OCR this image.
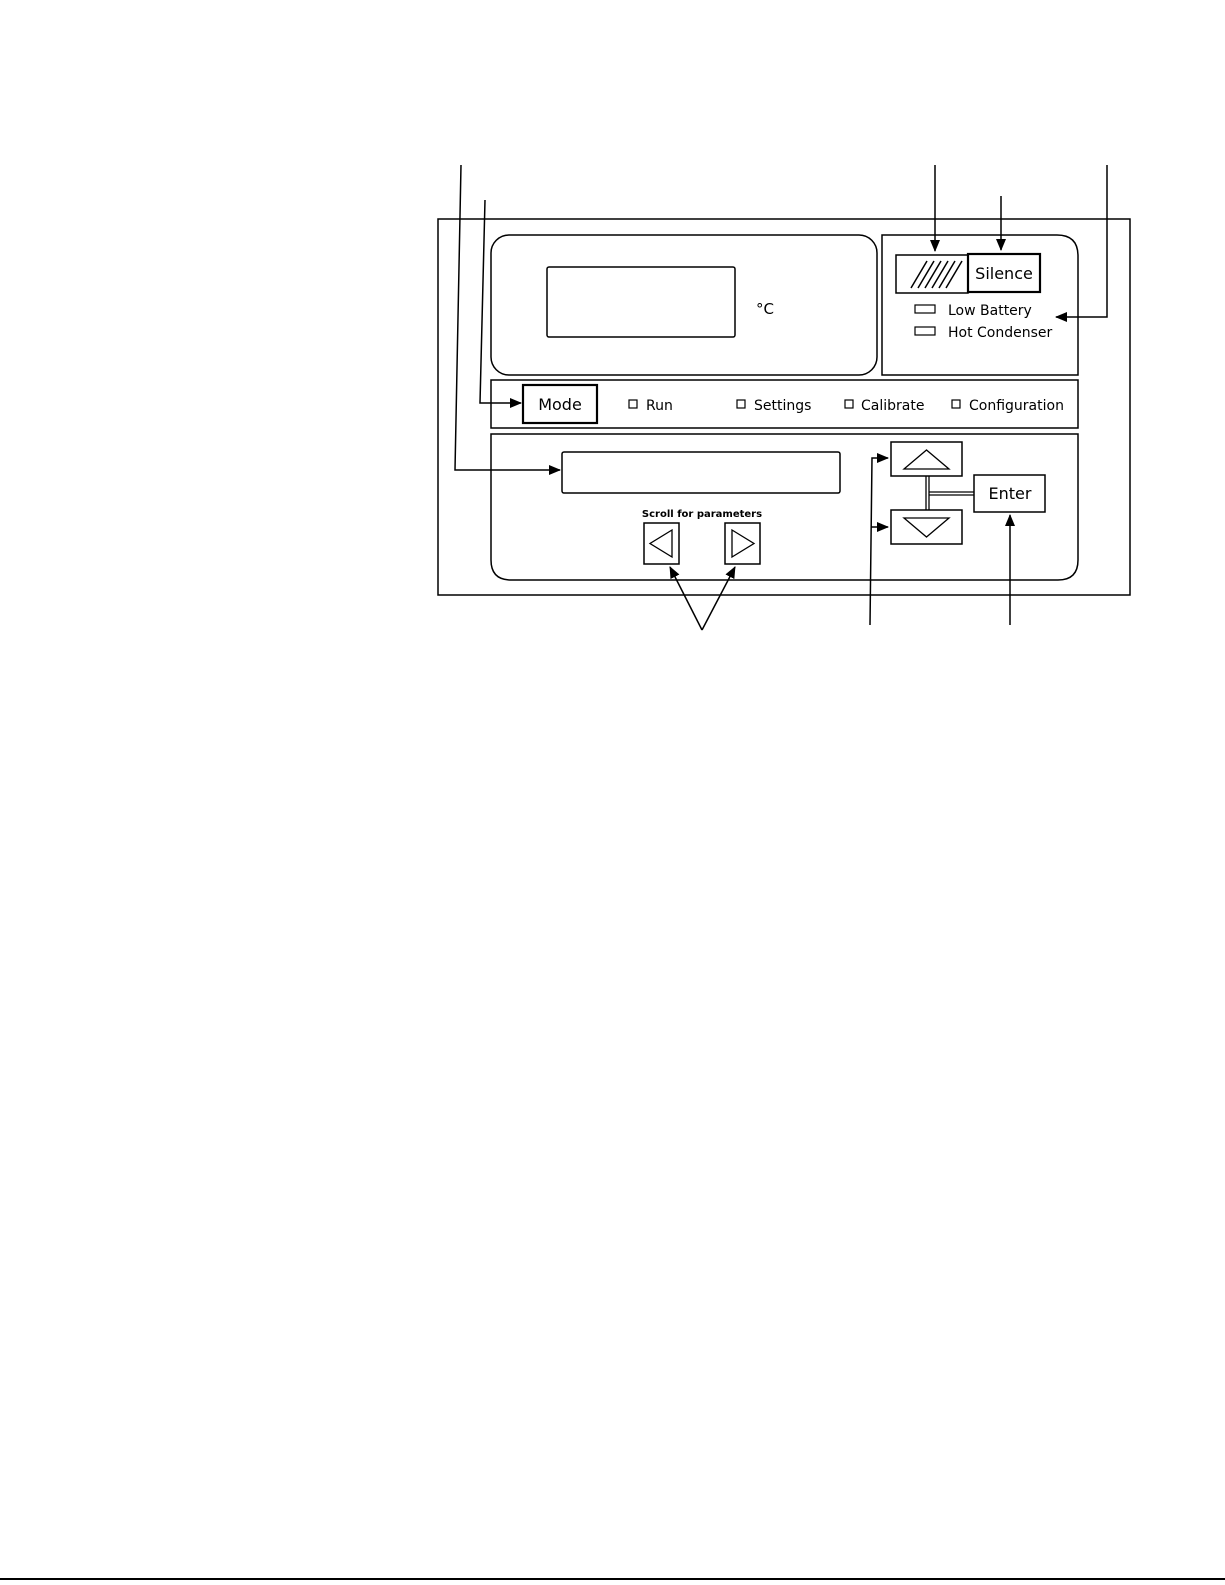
°C
Silence
Low Battery
Hot Condenser
Mode	Run	Settings	Calibrate	Configuration
Scroll for parameters
Enter
